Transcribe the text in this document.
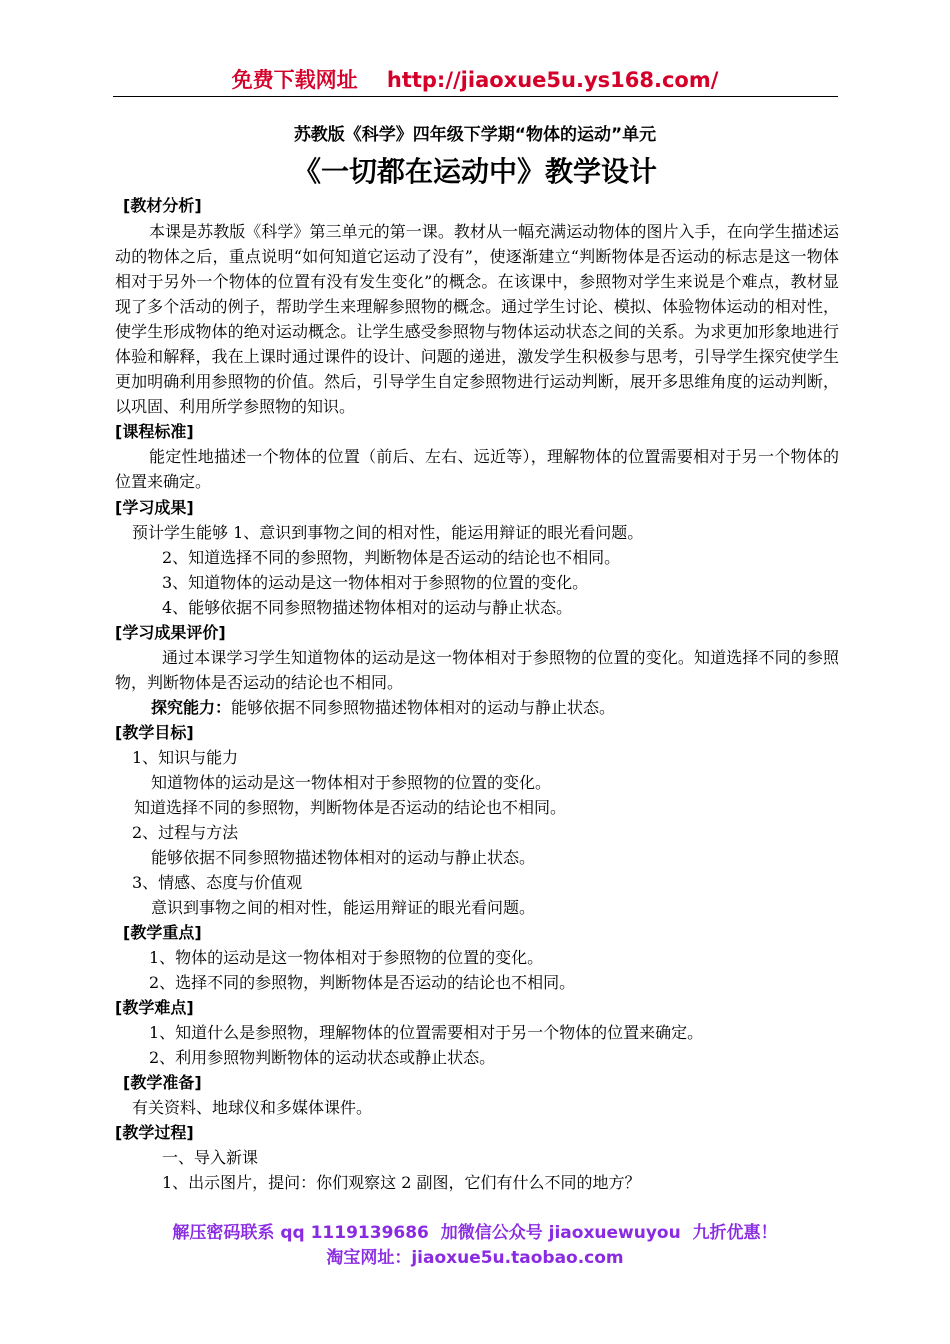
免费下载网址 http://jiaoxue5u.ys168.com/
苏教版《科学》四年级下学期“物体的运动”单元
《一切都在运动中》教学设计
[教材分析]
本课是苏教版《科学》第三单元的第一课。教材从一幅充满运动物体的图片入手，在向学生描述运动的物体之后，重点说明“如何知道它运动了没有”，使逐渐建立“判断物体是否运动的标志是这一物体相对于另外一个物体的位置有没有发生变化”的概念。在该课中，参照物对学生来说是个难点，教材显现了多个活动的例子，帮助学生来理解参照物的概念。通过学生讨论、模拟、体验物体运动的相对性，使学生形成物体的绝对运动概念。让学生感受参照物与物体运动状态之间的关系。为求更加形象地进行体验和解释，我在上课时通过课件的设计、问题的递进，激发学生积极参与思考，引导学生探究使学生更加明确利用参照物的价值。然后，引导学生自定参照物进行运动判断，展开多思维角度的运动判断，以巩固、利用所学参照物的知识。
[课程标准]
能定性地描述一个物体的位置（前后、左右、远近等），理解物体的位置需要相对于另一个物体的位置来确定。
[学习成果]
预计学生能够 1、意识到事物之间的相对性，能运用辩证的眼光看问题。
2、知道选择不同的参照物，判断物体是否运动的结论也不相同。
3、知道物体的运动是这一物体相对于参照物的位置的变化。
4、能够依据不同参照物描述物体相对的运动与静止状态。
[学习成果评价]
通过本课学习学生知道物体的运动是这一物体相对于参照物的位置的变化。知道选择不同的参照物，判断物体是否运动的结论也不相同。
探究能力：能够依据不同参照物描述物体相对的运动与静止状态。
[教学目标]
1、知识与能力
知道物体的运动是这一物体相对于参照物的位置的变化。
知道选择不同的参照物，判断物体是否运动的结论也不相同。
2、过程与方法
能够依据不同参照物描述物体相对的运动与静止状态。
3、情感、态度与价值观
意识到事物之间的相对性，能运用辩证的眼光看问题。
[教学重点]
1、物体的运动是这一物体相对于参照物的位置的变化。
2、选择不同的参照物，判断物体是否运动的结论也不相同。
[教学难点]
1、知道什么是参照物，理解物体的位置需要相对于另一个物体的位置来确定。
2、利用参照物判断物体的运动状态或静止状态。
[教学准备]
有关资料、地球仪和多媒体课件。
[教学过程]
一、导入新课
1、出示图片，提问：你们观察这 2 副图，它们有什么不同的地方？
解压密码联系 qq 1119139686  加微信公众号 jiaoxuewuyou  九折优惠！
淘宝网址：jiaoxue5u.taobao.com
